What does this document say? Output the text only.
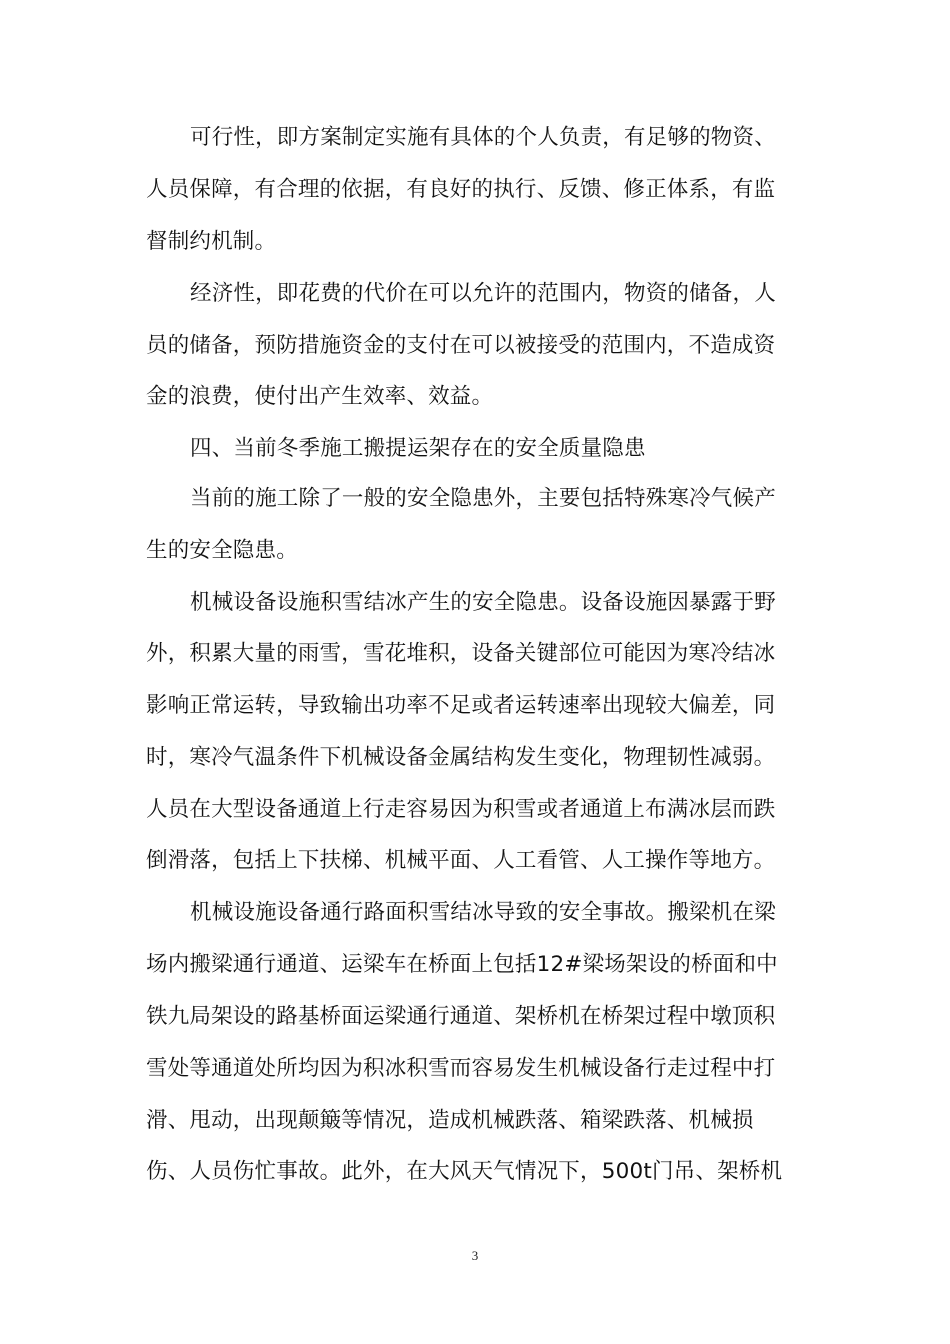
可行性，即方案制定实施有具体的个人负责，有足够的物资、
人员保障，有合理的依据，有良好的执行、反馈、修正体系，有监
督制约机制。
经济性，即花费的代价在可以允许的范围内，物资的储备，人
员的储备，预防措施资金的支付在可以被接受的范围内，不造成资
金的浪费，使付出产生效率、效益。
四、当前冬季施工搬提运架存在的安全质量隐患
当前的施工除了一般的安全隐患外，主要包括特殊寒冷气候产
生的安全隐患。
机械设备设施积雪结冰产生的安全隐患。设备设施因暴露于野
外，积累大量的雨雪，雪花堆积，设备关键部位可能因为寒冷结冰
影响正常运转，导致输出功率不足或者运转速率出现较大偏差，同
时，寒冷气温条件下机械设备金属结构发生变化，物理韧性减弱。
人员在大型设备通道上行走容易因为积雪或者通道上布满冰层而跌
倒滑落，包括上下扶梯、机械平面、人工看管、人工操作等地方。
机械设施设备通行路面积雪结冰导致的安全事故。搬梁机在梁
场内搬梁通行通道、运梁车在桥面上包括12#梁场架设的桥面和中
铁九局架设的路基桥面运梁通行通道、架桥机在桥架过程中墩顶积
雪处等通道处所均因为积冰积雪而容易发生机械设备行走过程中打
滑、甩动，出现颠簸等情况，造成机械跌落、箱梁跌落、机械损
伤、人员伤忙事故。此外，在大风天气情况下，500t门吊、架桥机
3
